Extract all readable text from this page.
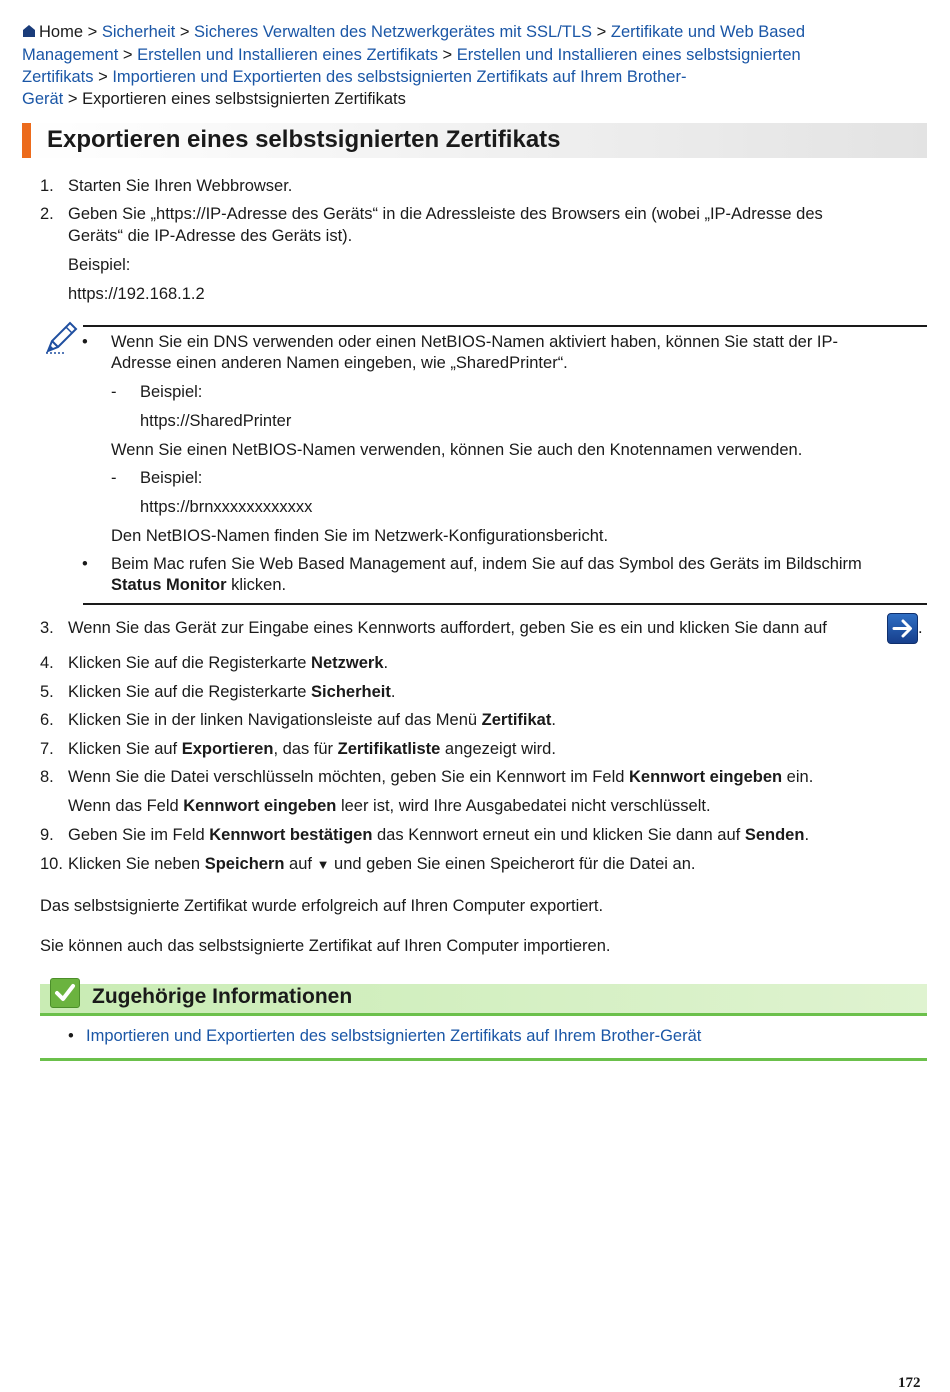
Home > Sicherheit > Sicheres Verwalten des Netzwerkgerätes mit SSL/TLS > Zertifikate und Web Based
Management > Erstellen und Installieren eines Zertifikats > Erstellen und Installieren eines selbstsignierten
Zertifikats > Importieren und Exportierten des selbstsignierten Zertifikats auf Ihrem Brother-
Gerät > Exportieren eines selbstsignierten Zertifikats
Exportieren eines selbstsignierten Zertifikats
1. Starten Sie Ihren Webbrowser.
2. Geben Sie „https://IP-Adresse des Geräts“ in die Adressleiste des Browsers ein (wobei „IP-Adresse des
Geräts“ die IP-Adresse des Geräts ist).
Beispiel:
https://192.168.1.2
• Wenn Sie ein DNS verwenden oder einen NetBIOS-Namen aktiviert haben, können Sie statt der IP-
Adresse einen anderen Namen eingeben, wie „SharedPrinter“.
- Beispiel:
https://SharedPrinter
Wenn Sie einen NetBIOS-Namen verwenden, können Sie auch den Knotennamen verwenden.
- Beispiel:
https://brnxxxxxxxxxxxx
Den NetBIOS-Namen finden Sie im Netzwerk-Konfigurationsbericht.
• Beim Mac rufen Sie Web Based Management auf, indem Sie auf das Symbol des Geräts im Bildschirm
Status Monitor klicken.
3. Wenn Sie das Gerät zur Eingabe eines Kennworts auffordert, geben Sie es ein und klicken Sie dann auf	.
4. Klicken Sie auf die Registerkarte Netzwerk.
5. Klicken Sie auf die Registerkarte Sicherheit.
6. Klicken Sie in der linken Navigationsleiste auf das Menü Zertifikat.
7. Klicken Sie auf Exportieren, das für Zertifikatliste angezeigt wird.
8. Wenn Sie die Datei verschlüsseln möchten, geben Sie ein Kennwort im Feld Kennwort eingeben ein.
Wenn das Feld Kennwort eingeben leer ist, wird Ihre Ausgabedatei nicht verschlüsselt.
9. Geben Sie im Feld Kennwort bestätigen das Kennwort erneut ein und klicken Sie dann auf Senden.
10. Klicken Sie neben Speichern auf ▼ und geben Sie einen Speicherort für die Datei an.
Das selbstsignierte Zertifikat wurde erfolgreich auf Ihren Computer exportiert.
Sie können auch das selbstsignierte Zertifikat auf Ihren Computer importieren.
Zugehörige Informationen
• Importieren und Exportierten des selbstsignierten Zertifikats auf Ihrem Brother-Gerät
172
